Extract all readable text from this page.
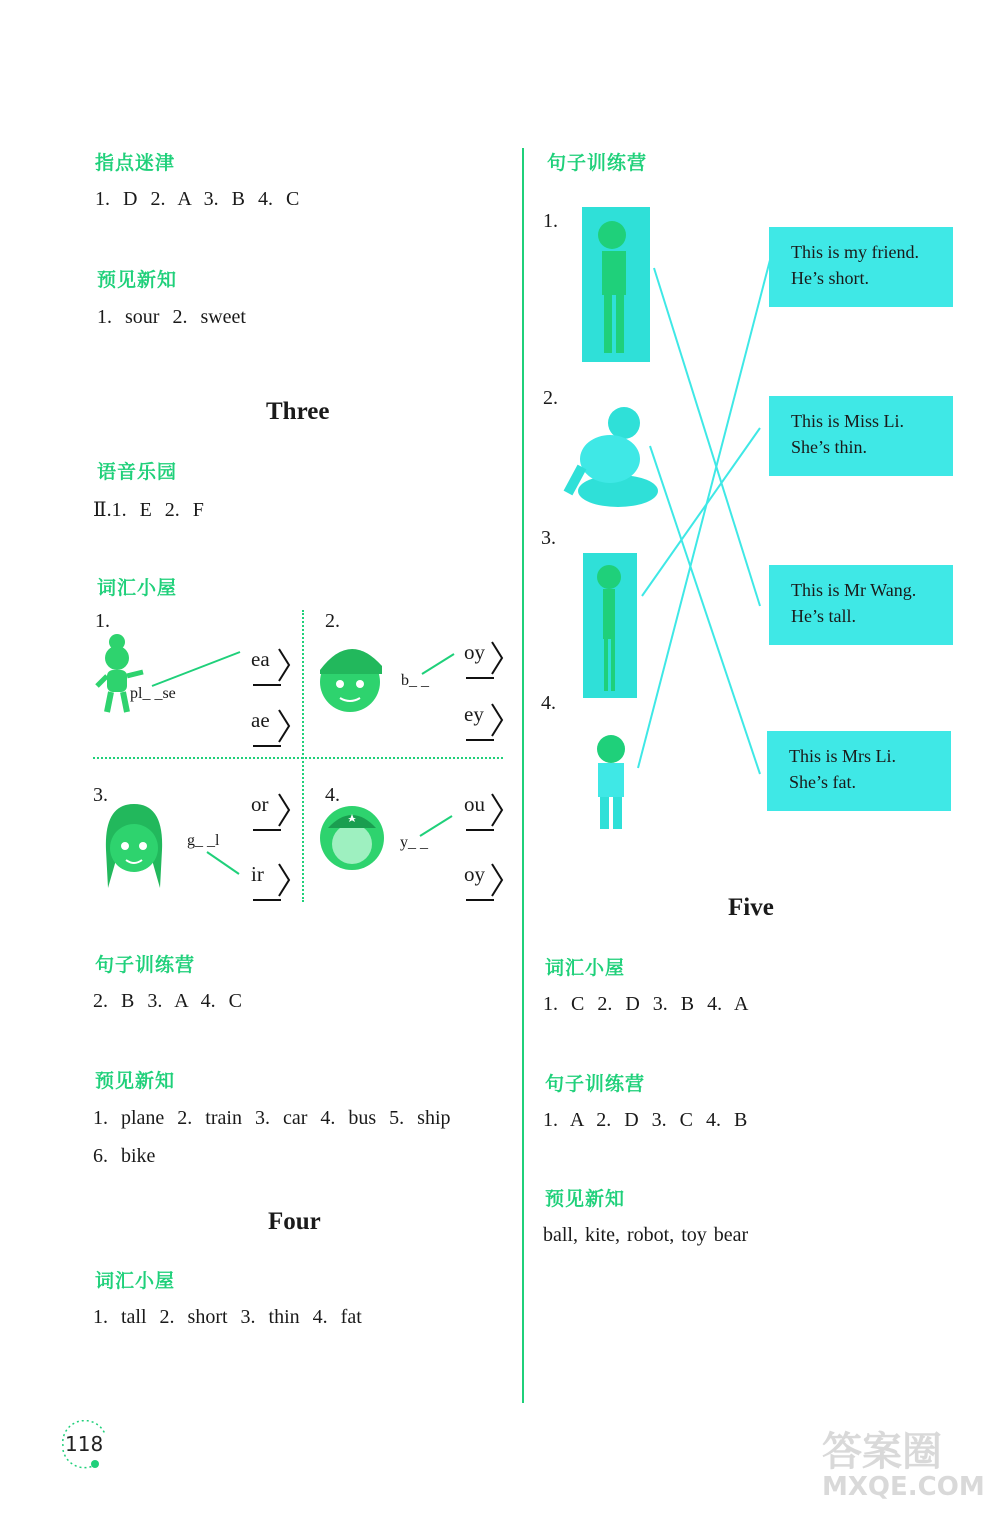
指点迷津
1. D 2. A 3. B 4. C
预见新知
1. sour 2. sweet
Three
语音乐园
Ⅱ.1. E 2. F
词汇小屋
1.
pl_ _se
ea
ae
2.
b_ _
oy
ey
3.
g_ _l
or
ir
4.
y_ _
ou
oy
句子训练营
2. B 3. A 4. C
预见新知
1. plane 2. train 3. car 4. bus 5. ship
6. bike
Four
词汇小屋
1. tall 2. short 3. thin 4. fat
句子训练营
1.
2.
3.
4.
This is my friend.
He’s short.
This is Miss Li.
She’s thin.
This is Mr Wang.
He’s tall.
This is Mrs Li.
She’s fat.
Five
词汇小屋
1. C 2. D 3. B 4. A
句子训练营
1. A 2. D 3. C 4. B
预见新知
ball, kite, robot, toy bear
118	答案圈
MXQE.COM
